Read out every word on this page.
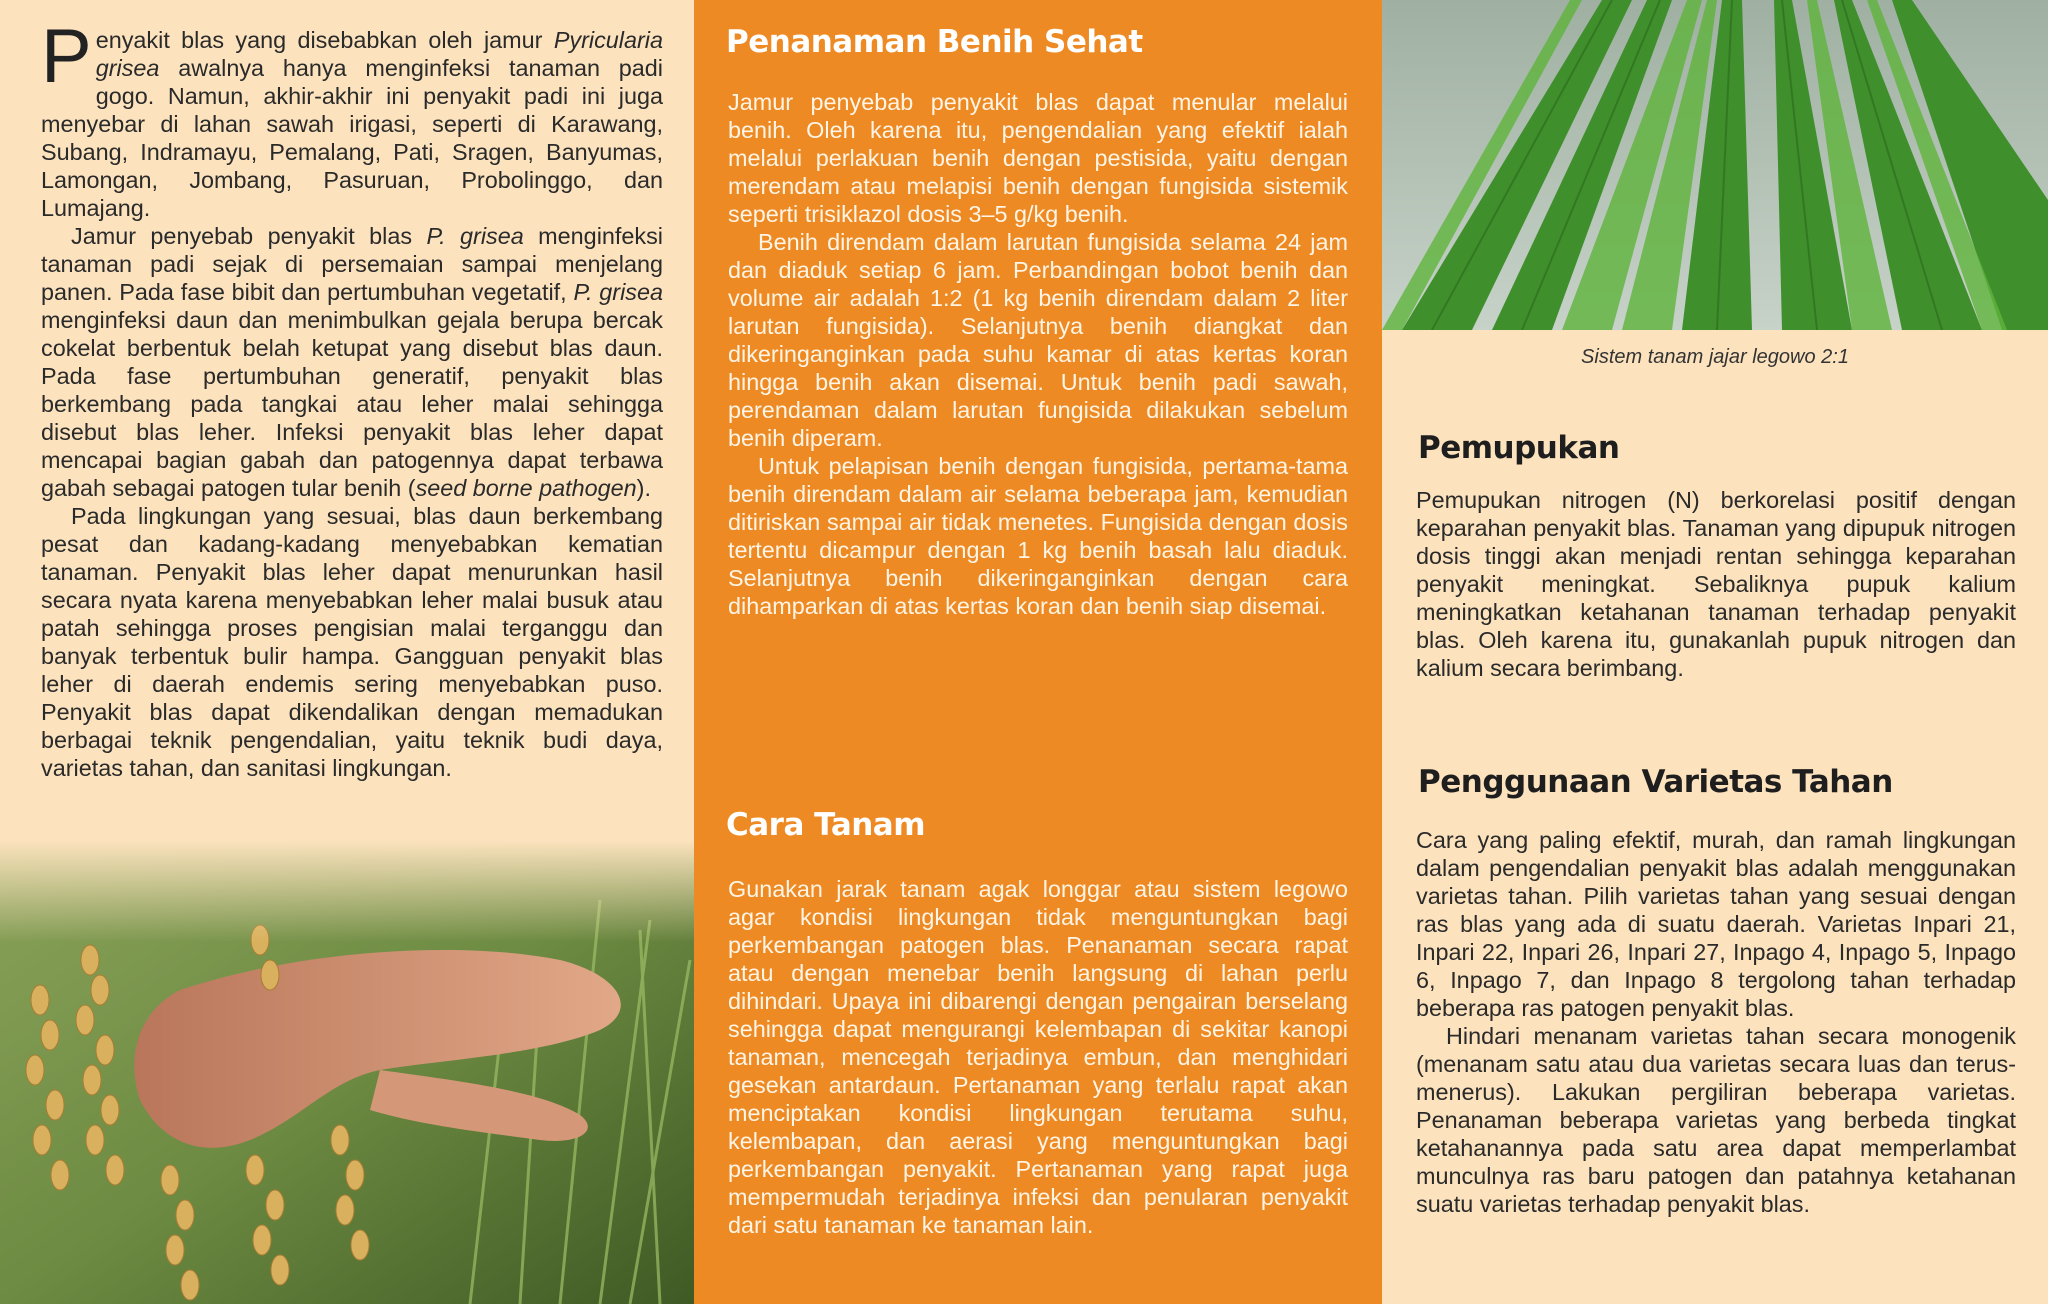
Penyakit blas yang disebabkan oleh jamur Pyricularia grisea awalnya hanya menginfeksi tanaman padi gogo. Namun, akhir-akhir ini penyakit padi ini juga menyebar di lahan sawah irigasi, seperti di Karawang, Subang, Indramayu, Pemalang, Pati, Sragen, Banyumas, Lamongan, Jombang, Pasuruan, Probolinggo, dan Lumajang.

Jamur penyebab penyakit blas P. grisea menginfeksi tanaman padi sejak di persemaian sampai menjelang panen. Pada fase bibit dan pertumbuhan vegetatif, P. grisea menginfeksi daun dan menimbulkan gejala berupa bercak cokelat berbentuk belah ketupat yang disebut blas daun. Pada fase pertumbuhan generatif, penyakit blas berkembang pada tangkai atau leher malai sehingga disebut blas leher. Infeksi penyakit blas leher dapat mencapai bagian gabah dan patogennya dapat terbawa gabah sebagai patogen tular benih (seed borne pathogen).

Pada lingkungan yang sesuai, blas daun berkembang pesat dan kadang-kadang menyebabkan kematian tanaman. Penyakit blas leher dapat menurunkan hasil secara nyata karena menyebabkan leher malai busuk atau patah sehingga proses pengisian malai terganggu dan banyak terbentuk bulir hampa. Gangguan penyakit blas leher di daerah endemis sering menyebabkan puso. Penyakit blas dapat dikendalikan dengan memadukan berbagai teknik pengendalian, yaitu teknik budi daya, varietas tahan, dan sanitasi lingkungan.

Penanaman Benih Sehat

Jamur penyebab penyakit blas dapat menular melalui benih. Oleh karena itu, pengendalian yang efektif ialah melalui perlakuan benih dengan pestisida, yaitu dengan merendam atau melapisi benih dengan fungisida sistemik seperti trisiklazol dosis 3–5 g/kg benih.

Benih direndam dalam larutan fungisida selama 24 jam dan diaduk setiap 6 jam. Perbandingan bobot benih dan volume air adalah 1:2 (1 kg benih direndam dalam 2 liter larutan fungisida). Selanjutnya benih diangkat dan dikeringanginkan pada suhu kamar di atas kertas koran hingga benih akan disemai. Untuk benih padi sawah, perendaman dalam larutan fungisida dilakukan sebelum benih diperam.

Untuk pelapisan benih dengan fungisida, pertama-tama benih direndam dalam air selama beberapa jam, kemudian ditiriskan sampai air tidak menetes. Fungisida dengan dosis tertentu dicampur dengan 1 kg benih basah lalu diaduk. Selanjutnya benih dikeringanginkan dengan cara dihamparkan di atas kertas koran dan benih siap disemai.

Cara Tanam

Gunakan jarak tanam agak longgar atau sistem legowo agar kondisi lingkungan tidak menguntungkan bagi perkembangan patogen blas. Penanaman secara rapat atau dengan menebar benih langsung di lahan perlu dihindari. Upaya ini dibarengi dengan pengairan berselang sehingga dapat mengurangi kelembapan di sekitar kanopi tanaman, mencegah terjadinya embun, dan menghidari gesekan antardaun. Pertanaman yang terlalu rapat akan menciptakan kondisi lingkungan terutama suhu, kelembapan, dan aerasi yang menguntungkan bagi perkembangan penyakit. Pertanaman yang rapat juga mempermudah terjadinya infeksi dan penularan penyakit dari satu tanaman ke tanaman lain.

Sistem tanam jajar legowo 2:1
Pemupukan

Pemupukan nitrogen (N) berkorelasi positif dengan keparahan penyakit blas. Tanaman yang dipupuk nitrogen dosis tinggi akan menjadi rentan sehingga keparahan penyakit meningkat. Sebaliknya pupuk kalium meningkatkan ketahanan tanaman terhadap penyakit blas. Oleh karena itu, gunakanlah pupuk nitrogen dan kalium secara berimbang.

Penggunaan Varietas Tahan

Cara yang paling efektif, murah, dan ramah lingkungan dalam pengendalian penyakit blas adalah menggunakan varietas tahan. Pilih varietas tahan yang sesuai dengan ras blas yang ada di suatu daerah. Varietas Inpari 21, Inpari 22, Inpari 26, Inpari 27, Inpago 4, Inpago 5, Inpago 6, Inpago 7, dan Inpago 8 tergolong tahan terhadap beberapa ras patogen penyakit blas.

Hindari menanam varietas tahan secara monogenik (menanam satu atau dua varietas secara luas dan terus-menerus). Lakukan pergiliran beberapa varietas. Penanaman beberapa varietas yang berbeda tingkat ketahanannya pada satu area dapat memperlambat munculnya ras baru patogen dan patahnya ketahanan suatu varietas terhadap penyakit blas.
